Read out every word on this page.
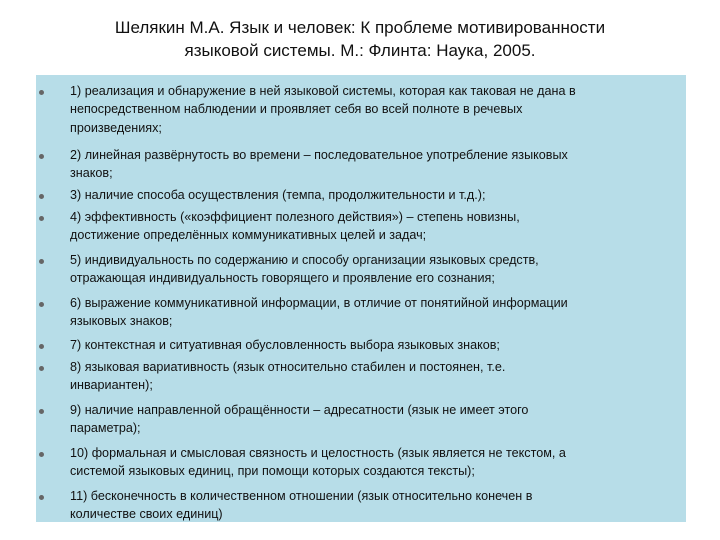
Шелякин М.А. Язык и человек: К проблеме мотивированности
языковой системы. М.: Флинта: Наука, 2005.
1) реализация и обнаружение в ней языковой системы, которая как таковая не дана в
непосредственном наблюдении и проявляет себя во всей полноте в речевых
произведениях;
2) линейная развёрнутость во времени – последовательное употребление языковых
знаков;
3) наличие способа осуществления (темпа, продолжительности и т.д.);
4) эффективность («коэффициент полезного действия») – степень новизны,
достижение определённых коммуникативных целей и задач;
5) индивидуальность по содержанию и способу организации языковых средств,
отражающая индивидуальность говорящего и проявление его сознания;
6) выражение коммуникативной информации, в отличие от понятийной информации
языковых знаков;
7) контекстная и ситуативная обусловленность выбора языковых знаков;
8) языковая вариативность (язык относительно стабилен и постоянен, т.е.
инвариантен);
9) наличие направленной обращённости – адресатности (язык не имеет этого
параметра);
10) формальная и смысловая связность и целостность (язык является не текстом, а
системой языковых единиц, при помощи которых создаются тексты);
11) бесконечность в количественном отношении (язык относительно конечен в
количестве своих единиц)
